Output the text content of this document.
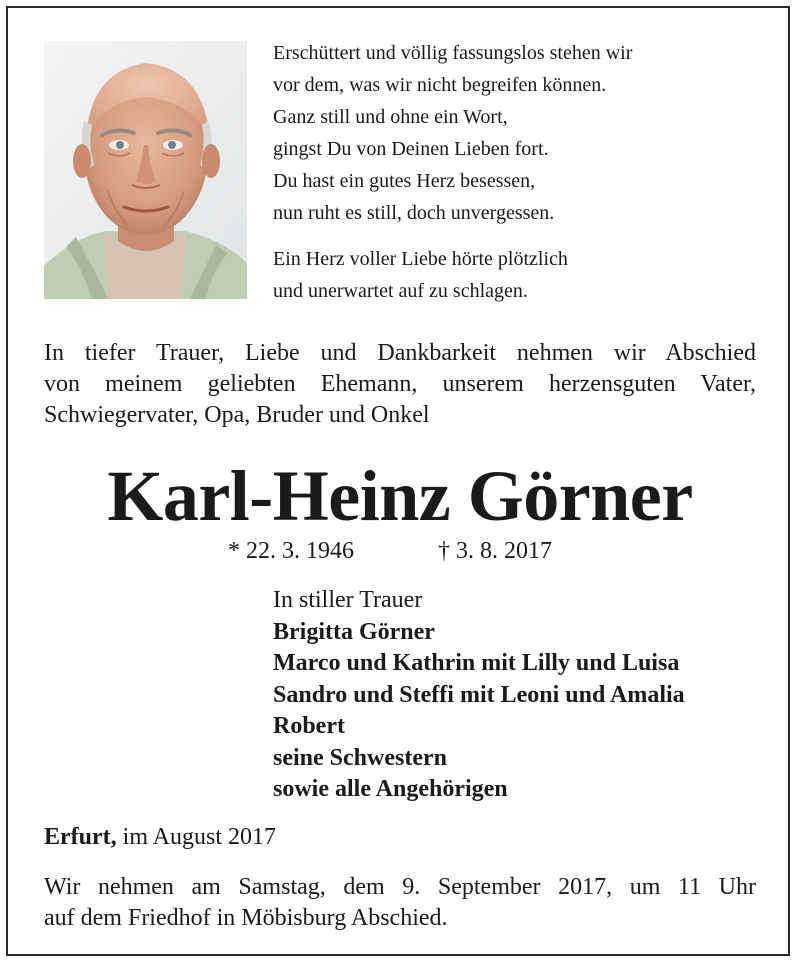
Erschüttert und völlig fassungslos stehen wir
vor dem, was wir nicht begreifen können.
Ganz still und ohne ein Wort,
gingst Du von Deinen Lieben fort.
Du hast ein gutes Herz besessen,
nun ruht es still, doch unvergessen.
Ein Herz voller Liebe hörte plötzlich
und unerwartet auf zu schlagen.
In tiefer Trauer, Liebe und Dankbarkeit nehmen wir Abschied
von meinem geliebten Ehemann, unserem herzensguten Vater,
Schwiegervater, Opa, Bruder und Onkel
Karl-Heinz Görner
* 22. 3. 1946	† 3. 8. 2017
In stiller Trauer
Brigitta Görner
Marco und Kathrin mit Lilly und Luisa
Sandro und Steffi mit Leoni und Amalia
Robert
seine Schwestern
sowie alle Angehörigen
Erfurt, im August 2017
Wir nehmen am Samstag, dem 9. September 2017, um 11 Uhr
auf dem Friedhof in Möbisburg Abschied.
